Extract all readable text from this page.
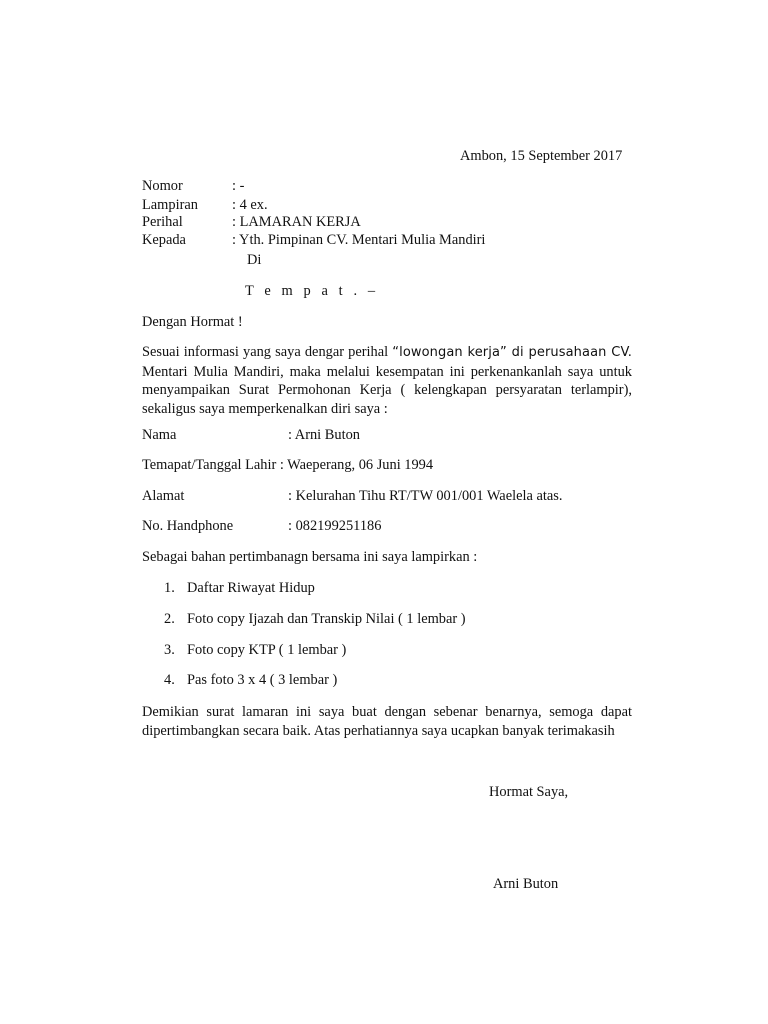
Ambon, 15 September 2017
Nomor	: -
Lampiran : 4 ex.
Perihal	: LAMARAN KERJA
Kepada	: Yth. Pimpinan CV. Mentari Mulia Mandiri
Di
T e m p a t . –
Dengan Hormat !
Sesuai informasi yang saya dengar perihal “lowongan kerja” di perusahaan CV. Mentari Mulia Mandiri, maka melalui kesempatan ini perkenankanlah saya untuk menyampaikan Surat Permohonan Kerja ( kelengkapan persyaratan terlampir), sekaligus saya memperkenalkan diri saya :
Nama	: Arni Buton
Temapat/Tanggal Lahir : Waeperang, 06 Juni 1994
Alamat	: Kelurahan Tihu RT/TW 001/001 Waelela atas.
No. Handphone	: 082199251186
Sebagai bahan pertimbanagn bersama ini saya lampirkan :
1. Daftar Riwayat Hidup
2. Foto copy Ijazah dan Transkip Nilai ( 1 lembar )
3. Foto copy KTP ( 1 lembar )
4. Pas foto 3 x 4 ( 3 lembar )
Demikian surat lamaran ini saya buat dengan sebenar benarnya, semoga dapat dipertimbangkan secara baik. Atas perhatiannya saya ucapkan banyak terimakasih
Hormat Saya,
Arni Buton
